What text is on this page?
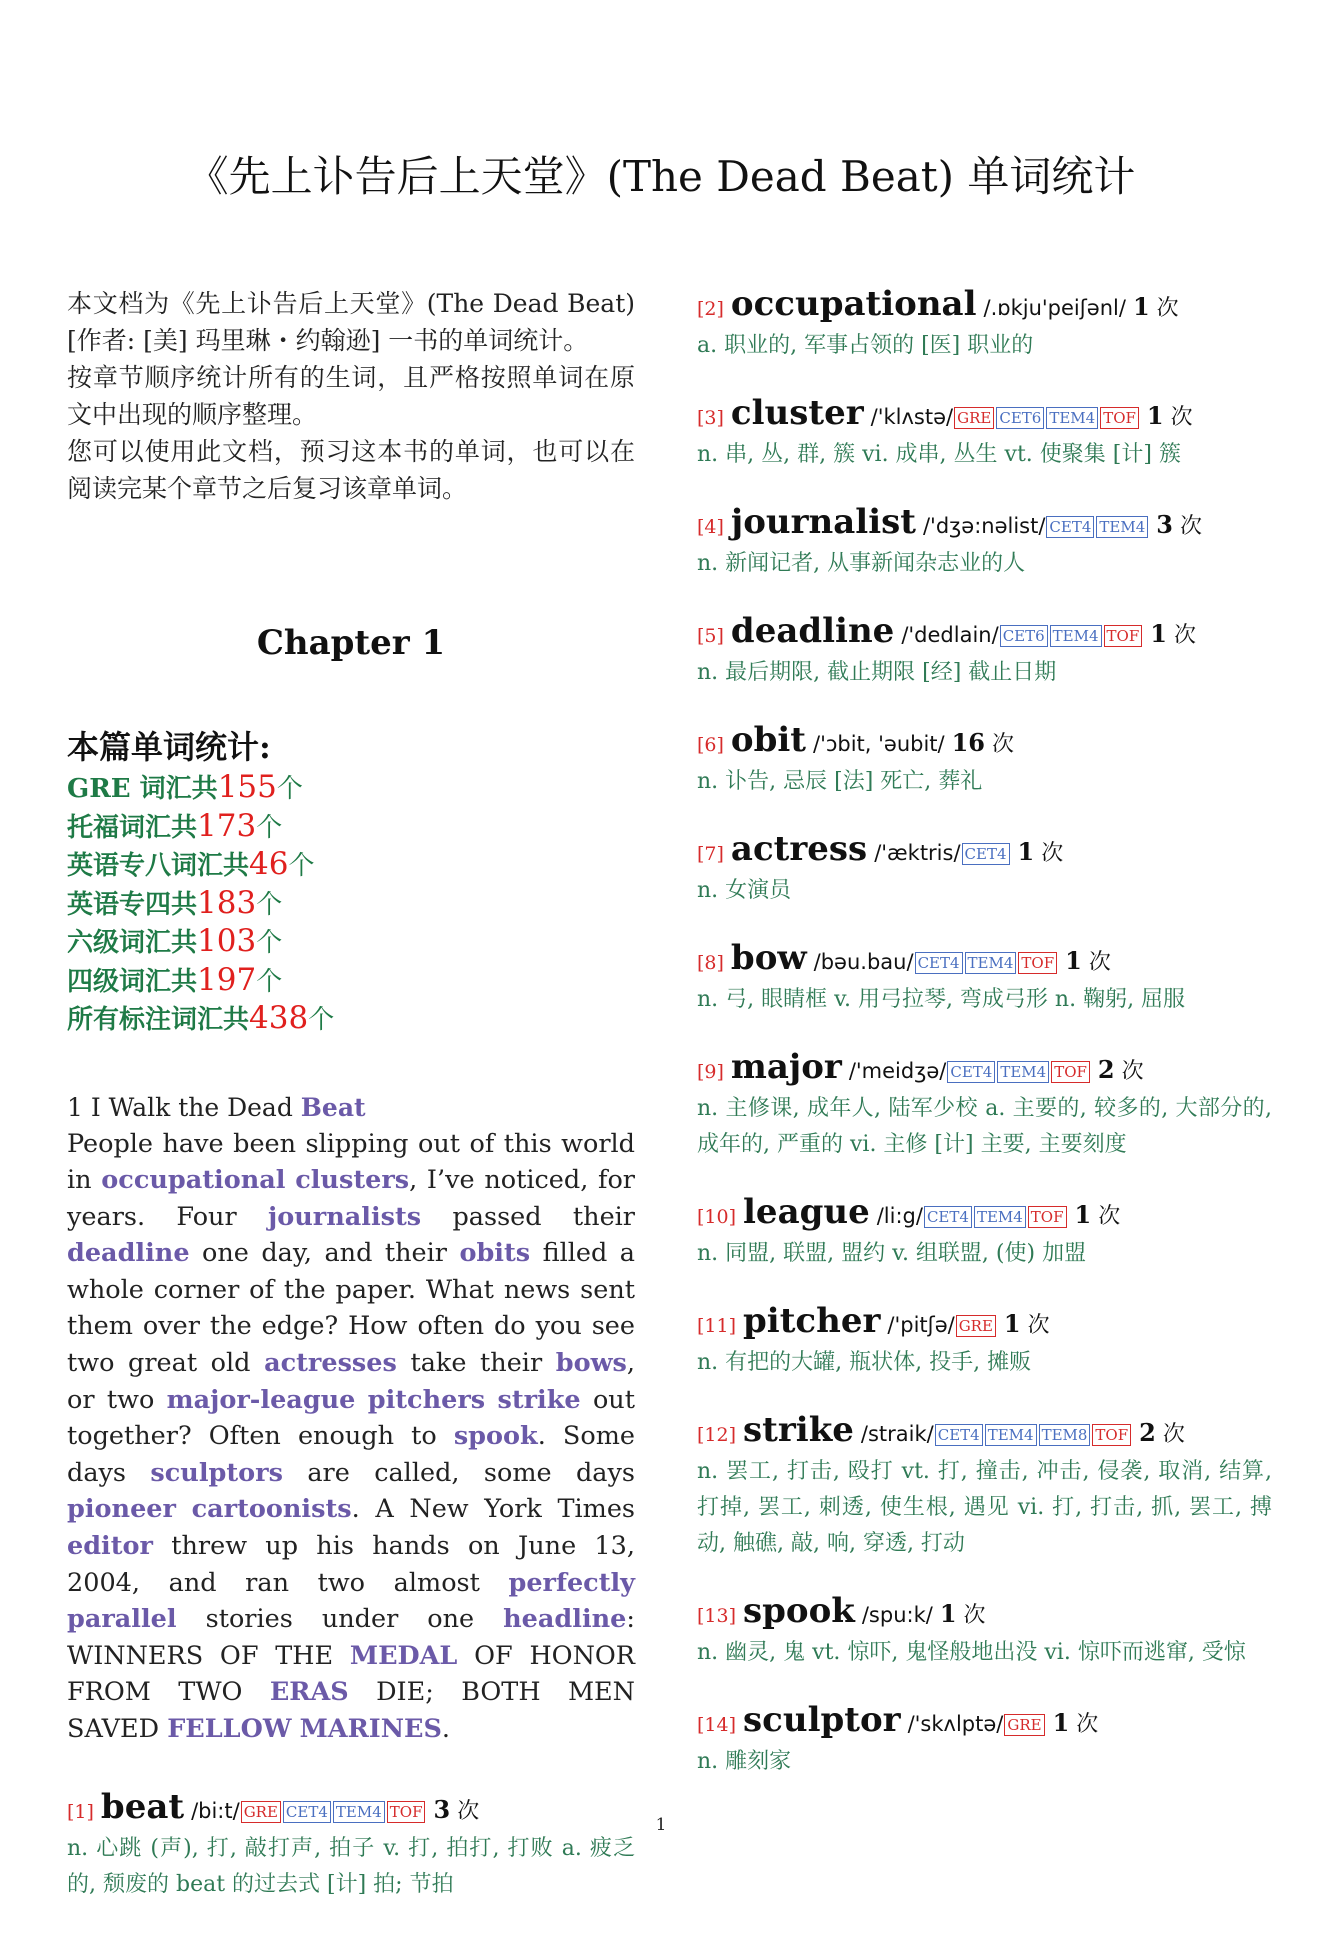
《先上讣告后上天堂》(The Dead Beat) 单词统计

本文档为《先上讣告后上天堂》(The Dead Beat)[作者: [美] 玛里琳・约翰逊] 一书的单词统计。

按章节顺序统计所有的生词，且严格按照单词在原文中出现的顺序整理。

您可以使用此文档，预习这本书的单词，也可以在阅读完某个章节之后复习该章单词。

Chapter 1
本篇单词统计:
GRE 词汇共155个
托福词汇共173个
英语专八词汇共46个
英语专四共183个
六级词汇共103个
四级词汇共197个
所有标注词汇共438个
1 I Walk the Dead Beat
People have been slipping out of this world in occupational clusters, I’ve noticed, for years. Four journalists passed their deadline one day, and their obits filled a whole corner of the paper. What news sent them over the edge? How often do you see two great old actresses take their bows, or two major-league pitchers strike out together? Often enough to spook. Some days sculptors are called, some days pioneer cartoonists. A New York Times editor threw up his hands on June 13, 2004, and ran two almost perfectly parallel stories under one headline: WINNERS OF THE MEDAL OF HONOR FROM TWO ERAS DIE; BOTH MEN SAVED FELLOW MARINES.
[1] beat /bi:t/ GRE CET4 TEM4 TOF 3 次
n. 心跳 (声), 打, 敲打声, 拍子 v. 打, 拍打, 打败 a. 疲乏的, 颓废的 beat 的过去式 [计] 拍; 节拍
[2] occupational /.ɒkju'peiʃənl/ 1 次
a. 职业的, 军事占领的 [医] 职业的
[3] cluster /'klʌstə/ GRE CET6 TEM4 TOF 1 次
n. 串, 丛, 群, 簇 vi. 成串, 丛生 vt. 使聚集 [计] 簇
[4] journalist /'dʒə:nəlist/ CET4 TEM4 3 次
n. 新闻记者, 从事新闻杂志业的人
[5] deadline /'dedlain/ CET6 TEM4 TOF 1 次
n. 最后期限, 截止期限 [经] 截止日期
[6] obit /'ɔbit, 'əubit/ 16 次
n. 讣告, 忌辰 [法] 死亡, 葬礼
[7] actress /'æktris/ CET4 1 次
n. 女演员
[8] bow /bəu.bau/ CET4 TEM4 TOF 1 次
n. 弓, 眼睛框 v. 用弓拉琴, 弯成弓形 n. 鞠躬, 屈服
[9] major /'meidʒə/ CET4 TEM4 TOF 2 次
n. 主修课, 成年人, 陆军少校 a. 主要的, 较多的, 大部分的, 成年的, 严重的 vi. 主修 [计] 主要, 主要刻度
[10] league /li:g/ CET4 TEM4 TOF 1 次
n. 同盟, 联盟, 盟约 v. 组联盟, (使) 加盟
[11] pitcher /'pitʃə/ GRE 1 次
n. 有把的大罐, 瓶状体, 投手, 摊贩
[12] strike /straik/ CET4 TEM4 TEM8 TOF 2 次
n. 罢工, 打击, 殴打 vt. 打, 撞击, 冲击, 侵袭, 取消, 结算, 打掉, 罢工, 刺透, 使生根, 遇见 vi. 打, 打击, 抓, 罢工, 搏动, 触礁, 敲, 响, 穿透, 打动
[13] spook /spu:k/ 1 次
n. 幽灵, 鬼 vt. 惊吓, 鬼怪般地出没 vi. 惊吓而逃窜, 受惊
[14] sculptor /'skʌlptə/ GRE 1 次
n. 雕刻家
1
